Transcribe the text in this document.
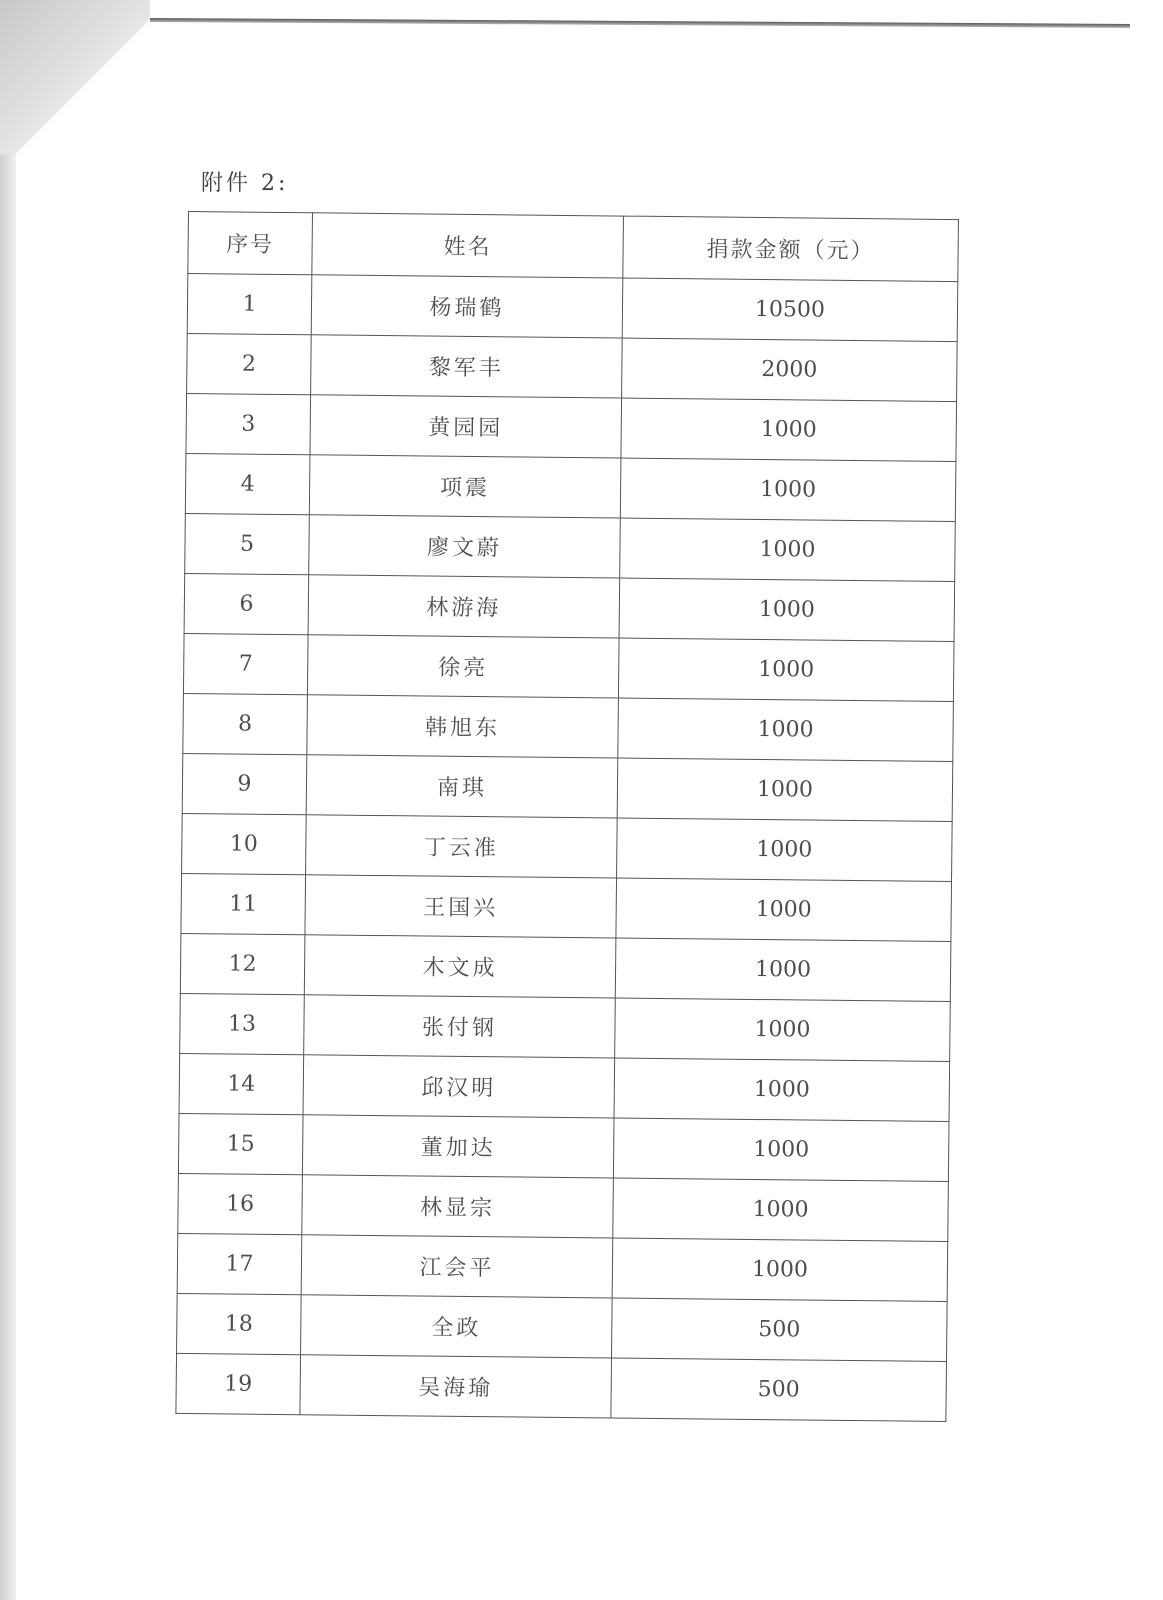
附件 2:
序号	姓名	捐款金额（元）
1	杨瑞鹤	10500
2	黎军丰	2000
3	黄园园	1000
4	项震	1000
5	廖文蔚	1000
6	林游海	1000
7	徐亮	1000
8	韩旭东	1000
9	南琪	1000
10	丁云准	1000
11	王国兴	1000
12	木文成	1000
13	张付钢	1000
14	邱汉明	1000
15	董加达	1000
16	林显宗	1000
17	江会平	1000
18	全政	500
19	吴海瑜	500
